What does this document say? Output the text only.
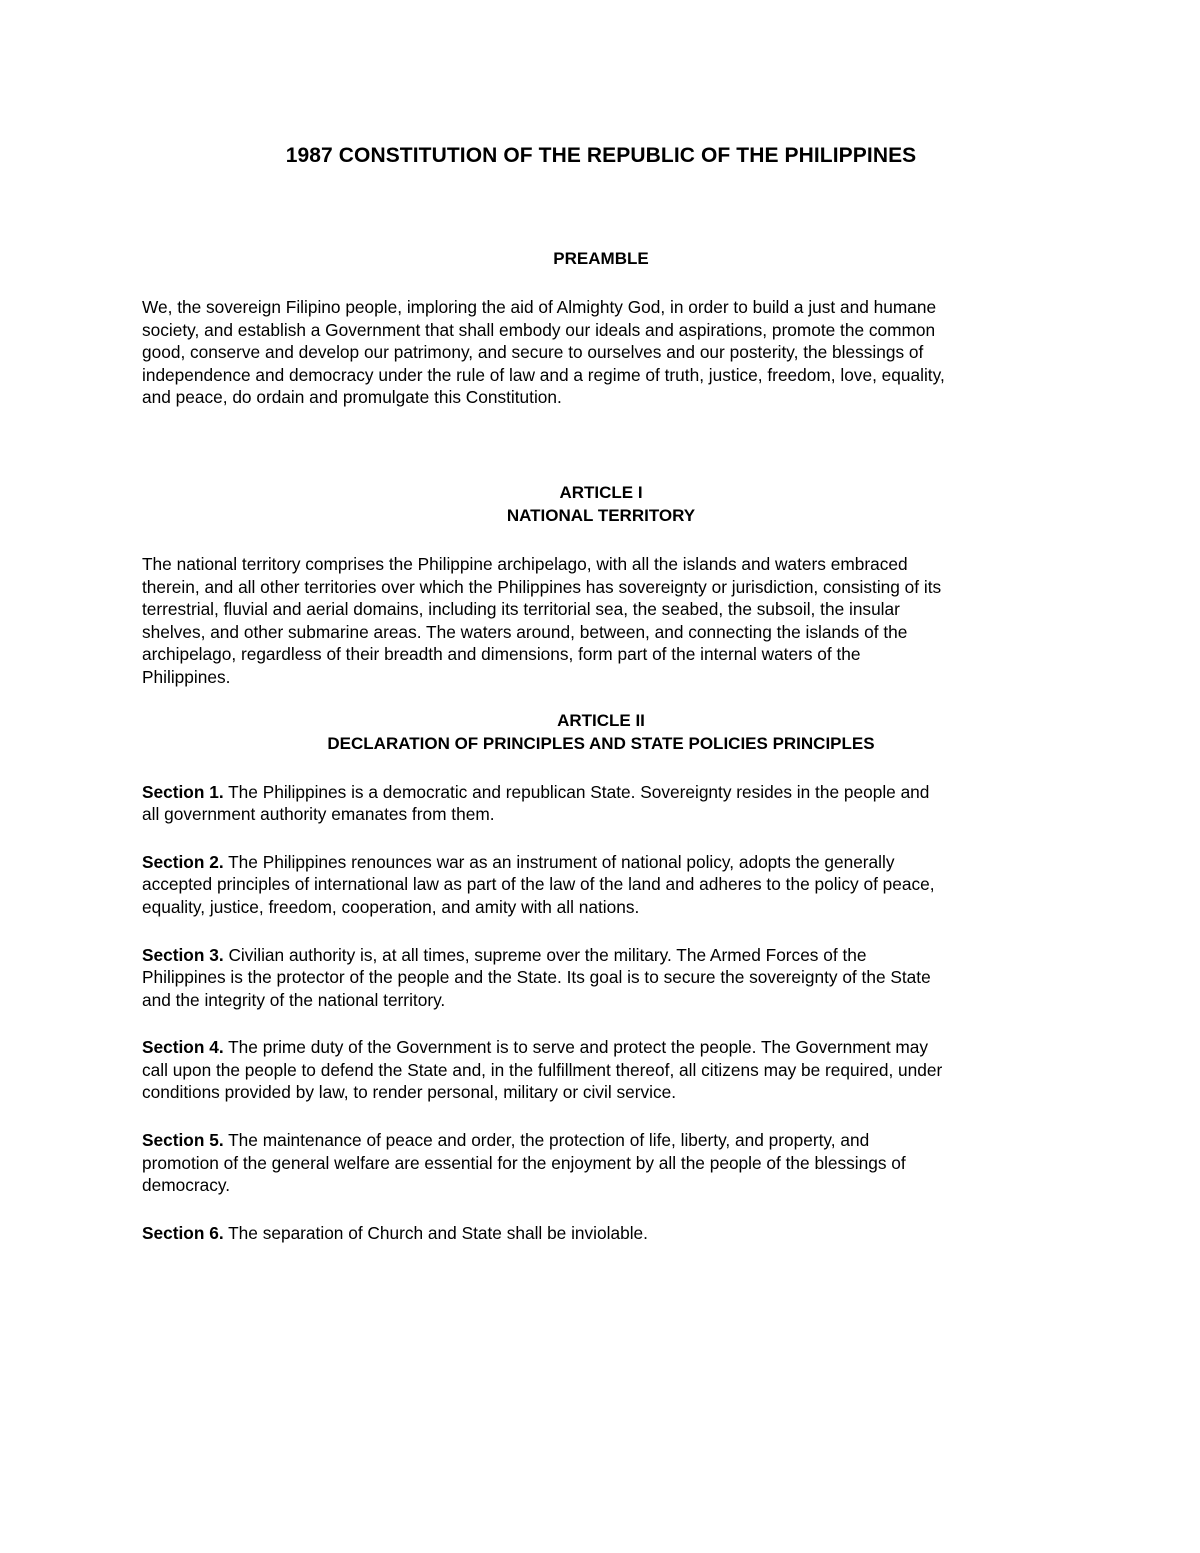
1987 CONSTITUTION OF THE REPUBLIC OF THE PHILIPPINES
PREAMBLE

We, the sovereign Filipino people, imploring the aid of Almighty God, in order to build a just and humane
society, and establish a Government that shall embody our ideals and aspirations, promote the common
good, conserve and develop our patrimony, and secure to ourselves and our posterity, the blessings of
independence and democracy under the rule of law and a regime of truth, justice, freedom, love, equality,
and peace, do ordain and promulgate this Constitution.

ARTICLE I
NATIONAL TERRITORY

The national territory comprises the Philippine archipelago, with all the islands and waters embraced
therein, and all other territories over which the Philippines has sovereignty or jurisdiction, consisting of its
terrestrial, fluvial and aerial domains, including its territorial sea, the seabed, the subsoil, the insular
shelves, and other submarine areas. The waters around, between, and connecting the islands of the
archipelago, regardless of their breadth and dimensions, form part of the internal waters of the
Philippines.

ARTICLE II
DECLARATION OF PRINCIPLES AND STATE POLICIES PRINCIPLES

Section 1. The Philippines is a democratic and republican State. Sovereignty resides in the people and
all government authority emanates from them.

Section 2. The Philippines renounces war as an instrument of national policy, adopts the generally
accepted principles of international law as part of the law of the land and adheres to the policy of peace,
equality, justice, freedom, cooperation, and amity with all nations.

Section 3. Civilian authority is, at all times, supreme over the military. The Armed Forces of the
Philippines is the protector of the people and the State. Its goal is to secure the sovereignty of the State
and the integrity of the national territory.

Section 4. The prime duty of the Government is to serve and protect the people. The Government may
call upon the people to defend the State and, in the fulfillment thereof, all citizens may be required, under
conditions provided by law, to render personal, military or civil service.

Section 5. The maintenance of peace and order, the protection of life, liberty, and property, and
promotion of the general welfare are essential for the enjoyment by all the people of the blessings of
democracy.

Section 6. The separation of Church and State shall be inviolable.
